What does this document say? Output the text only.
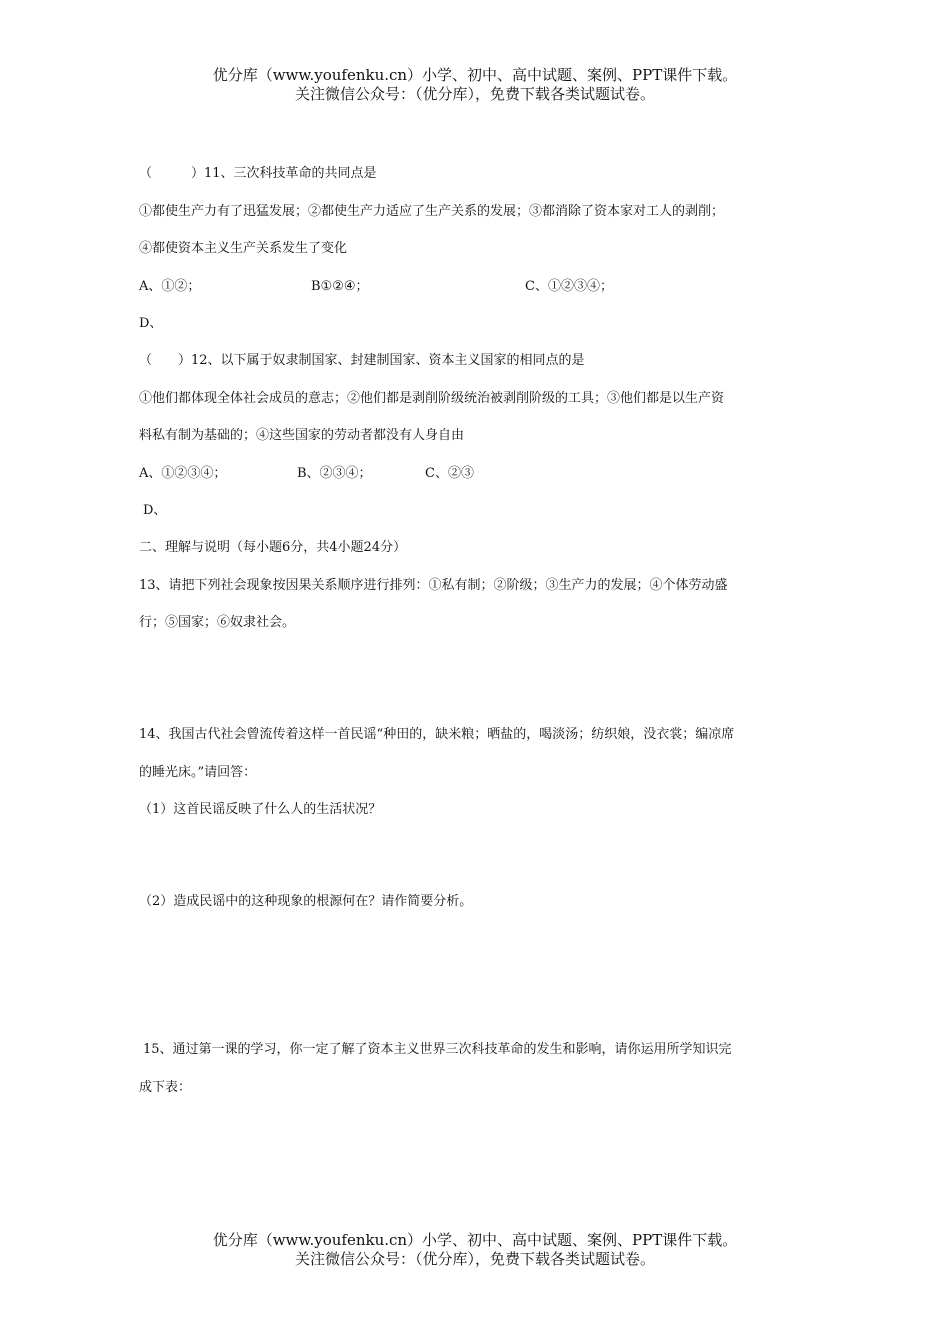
优分库（www.youfenku.cn）小学、初中、高中试题、案例、PPT课件下载。
关注微信公众号：（优分库），免费下载各类试题试卷。
（　　　）11、三次科技革命的共同点是
①都使生产力有了迅猛发展；②都使生产力适应了生产关系的发展；③都消除了资本家对工人的剥削；
④都使资本主义生产关系发生了变化
A、①②；	B①②④；	C、①②③④；
D、
（　　）12、以下属于奴隶制国家、封建制国家、资本主义国家的相同点的是
①他们都体现全体社会成员的意志；②他们都是剥削阶级统治被剥削阶级的工具；③他们都是以生产资
料私有制为基础的；④这些国家的劳动者都没有人身自由
A、①②③④；	B、②③④；	C、②③
D、
二、理解与说明（每小题6分，共4小题24分）
13、请把下列社会现象按因果关系顺序进行排列：①私有制；②阶级；③生产力的发展；④个体劳动盛
行；⑤国家；⑥奴隶社会。
14、我国古代社会曾流传着这样一首民谣“种田的，缺米粮；晒盐的，喝淡汤；纺织娘，没衣裳；编凉席
的睡光床。”请回答：
（1）这首民谣反映了什么人的生活状况？
（2）造成民谣中的这种现象的根源何在？请作简要分析。
15、通过第一课的学习，你一定了解了资本主义世界三次科技革命的发生和影响，请你运用所学知识完
成下表：
优分库（www.youfenku.cn）小学、初中、高中试题、案例、PPT课件下载。
关注微信公众号：（优分库），免费下载各类试题试卷。
